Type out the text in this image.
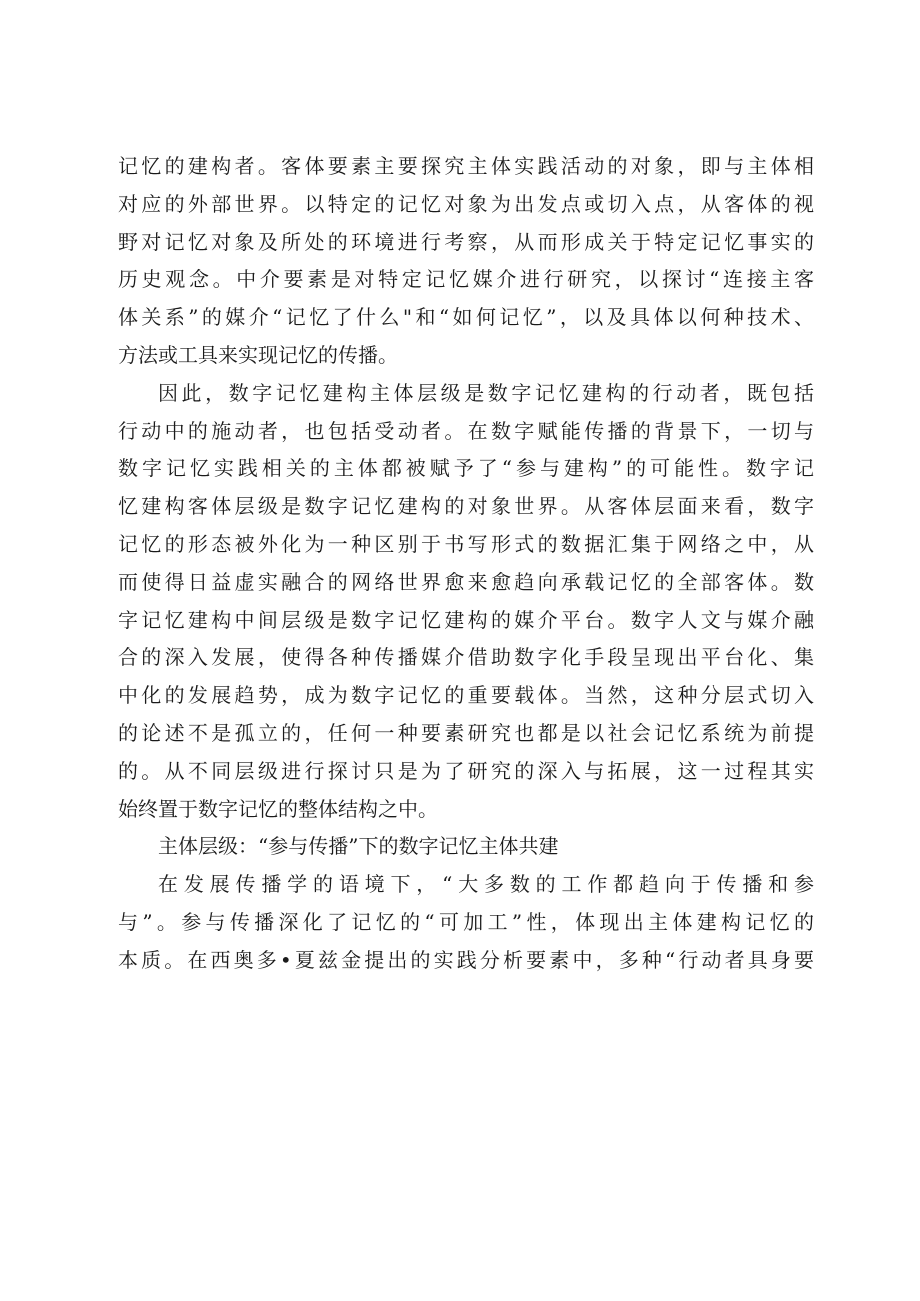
记忆的建构者。客体要素主要探究主体实践活动的对象，即与主体相
对应的外部世界。以特定的记忆对象为出发点或切入点，从客体的视
野对记忆对象及所处的环境进行考察，从而形成关于特定记忆事实的
历史观念。中介要素是对特定记忆媒介进行研究，以探讨“连接主客
体关系”的媒介“记忆了什么"和“如何记忆”，以及具体以何种技术、
方法或工具来实现记忆的传播。
因此，数字记忆建构主体层级是数字记忆建构的行动者，既包括
行动中的施动者，也包括受动者。在数字赋能传播的背景下，一切与
数字记忆实践相关的主体都被赋予了“参与建构”的可能性。数字记
忆建构客体层级是数字记忆建构的对象世界。从客体层面来看，数字
记忆的形态被外化为一种区别于书写形式的数据汇集于网络之中，从
而使得日益虚实融合的网络世界愈来愈趋向承载记忆的全部客体。数
字记忆建构中间层级是数字记忆建构的媒介平台。数字人文与媒介融
合的深入发展，使得各种传播媒介借助数字化手段呈现出平台化、集
中化的发展趋势，成为数字记忆的重要载体。当然，这种分层式切入
的论述不是孤立的，任何一种要素研究也都是以社会记忆系统为前提
的。从不同层级进行探讨只是为了研究的深入与拓展，这一过程其实
始终置于数字记忆的整体结构之中。
主体层级：“参与传播”下的数字记忆主体共建
在发展传播学的语境下，“大多数的工作都趋向于传播和参
与”。参与传播深化了记忆的“可加工”性，体现出主体建构记忆的
本质。在西奥多•夏兹金提出的实践分析要素中，多种“行动者具身要
